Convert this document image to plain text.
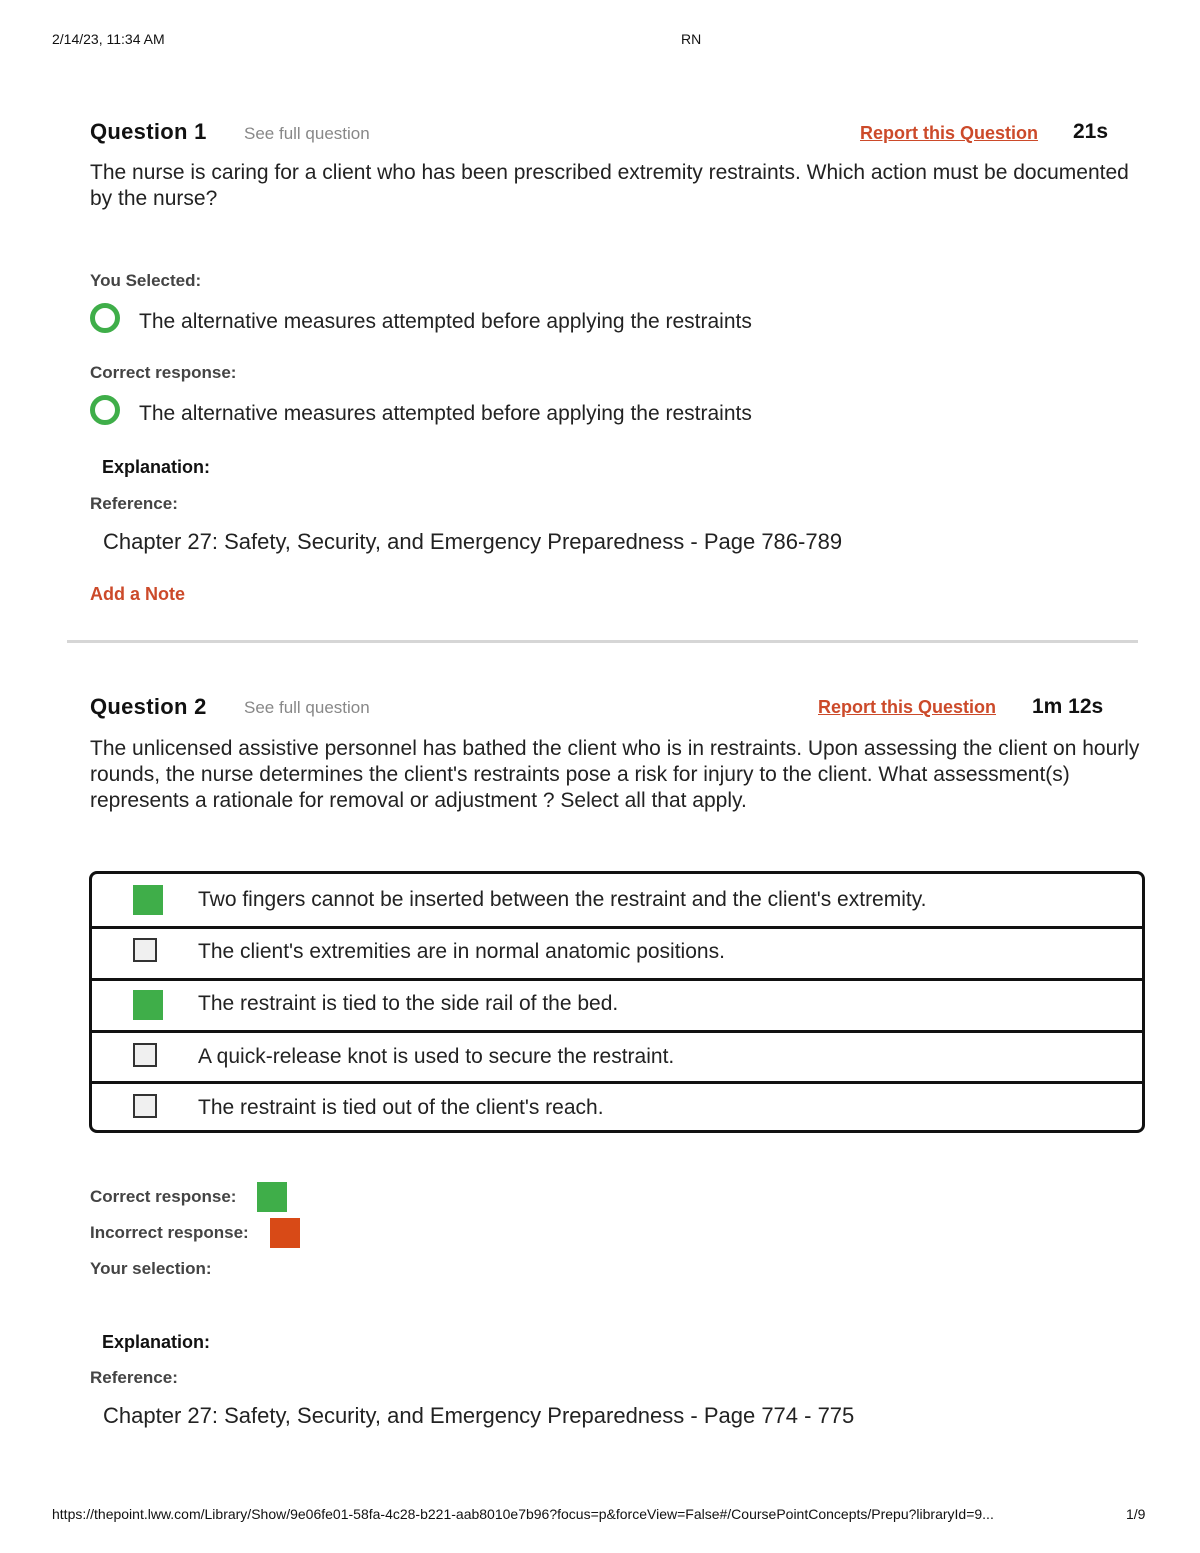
2/14/23, 11:34 AM	RN
Question 1 See full question	Report this Question 21s
The nurse is caring for a client who has been prescribed extremity restraints. Which action must be documented by the nurse?
You Selected:
The alternative measures attempted before applying the restraints
Correct response:
The alternative measures attempted before applying the restraints
Explanation:
Reference:
Chapter 27: Safety, Security, and Emergency Preparedness - Page 786-789
Add a Note
Question 2 See full question	Report this Question 1m 12s
The unlicensed assistive personnel has bathed the client who is in restraints. Upon assessing the client on hourly rounds, the nurse determines the client's restraints pose a risk for injury to the client. What assessment(s) represents a rationale for removal or adjustment ? Select all that apply.
Two fingers cannot be inserted between the restraint and the client's extremity.
The client's extremities are in normal anatomic positions.
The restraint is tied to the side rail of the bed.
A quick-release knot is used to secure the restraint.
The restraint is tied out of the client's reach.
Correct response:
Incorrect response:
Your selection:
Explanation:
Reference:
Chapter 27: Safety, Security, and Emergency Preparedness - Page 774 - 775
https://thepoint.lww.com/Library/Show/9e06fe01-58fa-4c28-b221-aab8010e7b96?focus=p&forceView=False#/CoursePointConcepts/Prepu?libraryId=9...	1/9
